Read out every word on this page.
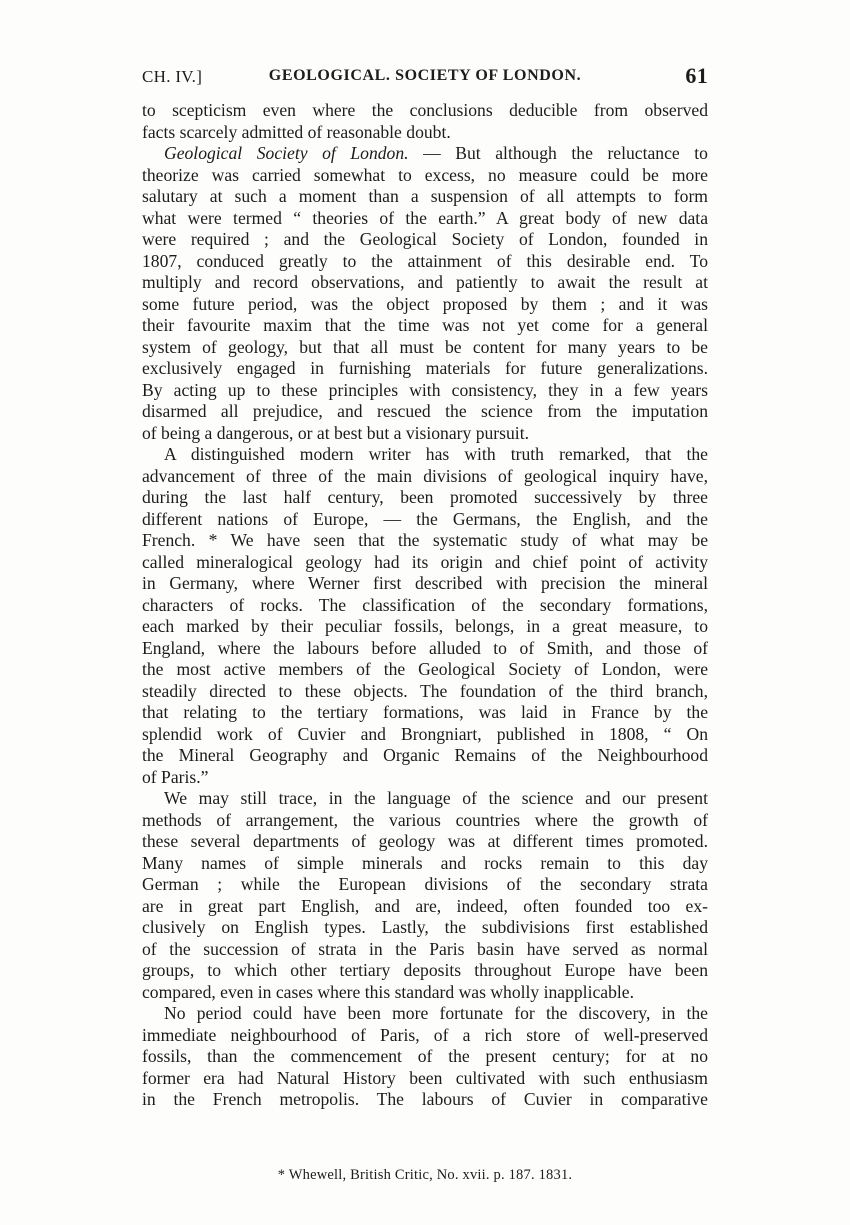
CH. IV.]	GEOLOGICAL. SOCIETY OF LONDON.	61
to scepticism even where the conclusions deducible from observed
facts scarcely admitted of reasonable doubt.
Geological Society of London. — But although the reluctance to
theorize was carried somewhat to excess, no measure could be more
salutary at such a moment than a suspension of all attempts to form
what were termed “ theories of the earth.” A great body of new data
were required ; and the Geological Society of London, founded in
1807, conduced greatly to the attainment of this desirable end. To
multiply and record observations, and patiently to await the result at
some future period, was the object proposed by them ; and it was
their favourite maxim that the time was not yet come for a general
system of geology, but that all must be content for many years to be
exclusively engaged in furnishing materials for future generalizations.
By acting up to these principles with consistency, they in a few years
disarmed all prejudice, and rescued the science from the imputation
of being a dangerous, or at best but a visionary pursuit.
A distinguished modern writer has with truth remarked, that the
advancement of three of the main divisions of geological inquiry have,
during the last half century, been promoted successively by three
different nations of Europe, — the Germans, the English, and the
French. * We have seen that the systematic study of what may be
called mineralogical geology had its origin and chief point of activity
in Germany, where Werner first described with precision the mineral
characters of rocks. The classification of the secondary formations,
each marked by their peculiar fossils, belongs, in a great measure, to
England, where the labours before alluded to of Smith, and those of
the most active members of the Geological Society of London, were
steadily directed to these objects. The foundation of the third branch,
that relating to the tertiary formations, was laid in France by the
splendid work of Cuvier and Brongniart, published in 1808, “ On
the Mineral Geography and Organic Remains of the Neighbourhood
of Paris.”
We may still trace, in the language of the science and our present
methods of arrangement, the various countries where the growth of
these several departments of geology was at different times promoted.
Many names of simple minerals and rocks remain to this day
German ; while the European divisions of the secondary strata
are in great part English, and are, indeed, often founded too ex-
clusively on English types. Lastly, the subdivisions first established
of the succession of strata in the Paris basin have served as normal
groups, to which other tertiary deposits throughout Europe have been
compared, even in cases where this standard was wholly inapplicable.
No period could have been more fortunate for the discovery, in the
immediate neighbourhood of Paris, of a rich store of well-preserved
fossils, than the commencement of the present century; for at no
former era had Natural History been cultivated with such enthusiasm
in the French metropolis. The labours of Cuvier in comparative
* Whewell, British Critic, No. xvii. p. 187. 1831.
